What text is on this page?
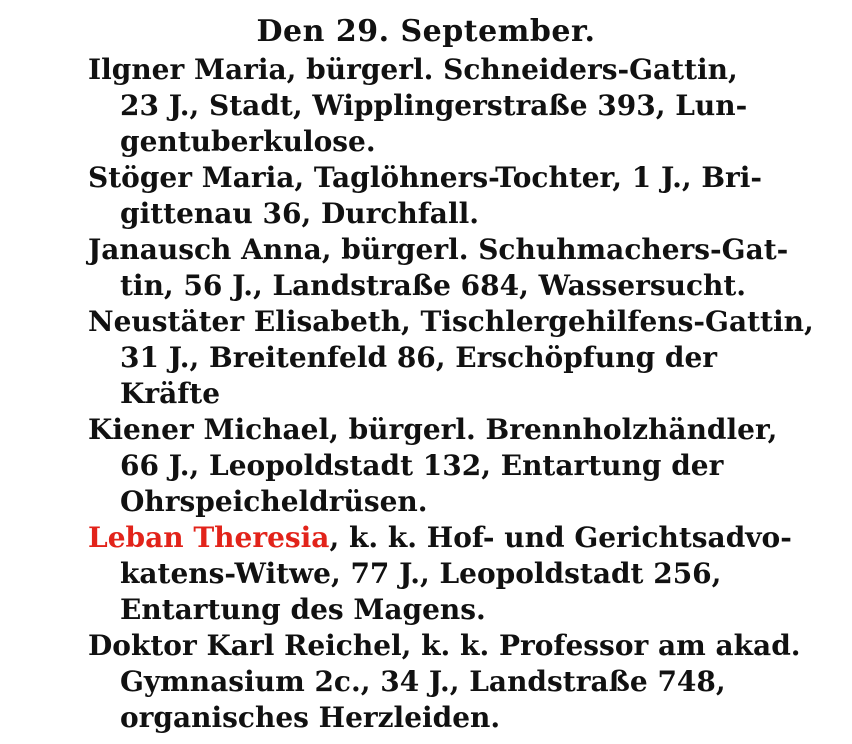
Den 29. September.
Ilgner Maria, bürgerl. Schneiders-Gattin,
23 J., Stadt, Wipplingerstraße 393, Lun-
gentuberkulose.
Stöger Maria, Taglöhners-Tochter, 1 J., Bri-
gittenau 36, Durchfall.
Janausch Anna, bürgerl. Schuhmachers-Gat-
tin, 56 J., Landstraße 684, Wassersucht.
Neustäter Elisabeth, Tischlergehilfens-Gattin,
31 J., Breitenfeld 86, Erschöpfung der
Kräfte
Kiener Michael, bürgerl. Brennholzhändler,
66 J., Leopoldstadt 132, Entartung der
Ohrspeicheldrüsen.
Leban Theresia, k. k. Hof- und Gerichtsadvo-
katens-Witwe, 77 J., Leopoldstadt 256,
Entartung des Magens.
Doktor Karl Reichel, k. k. Professor am akad.
Gymnasium 2c., 34 J., Landstraße 748,
organisches Herzleiden.
